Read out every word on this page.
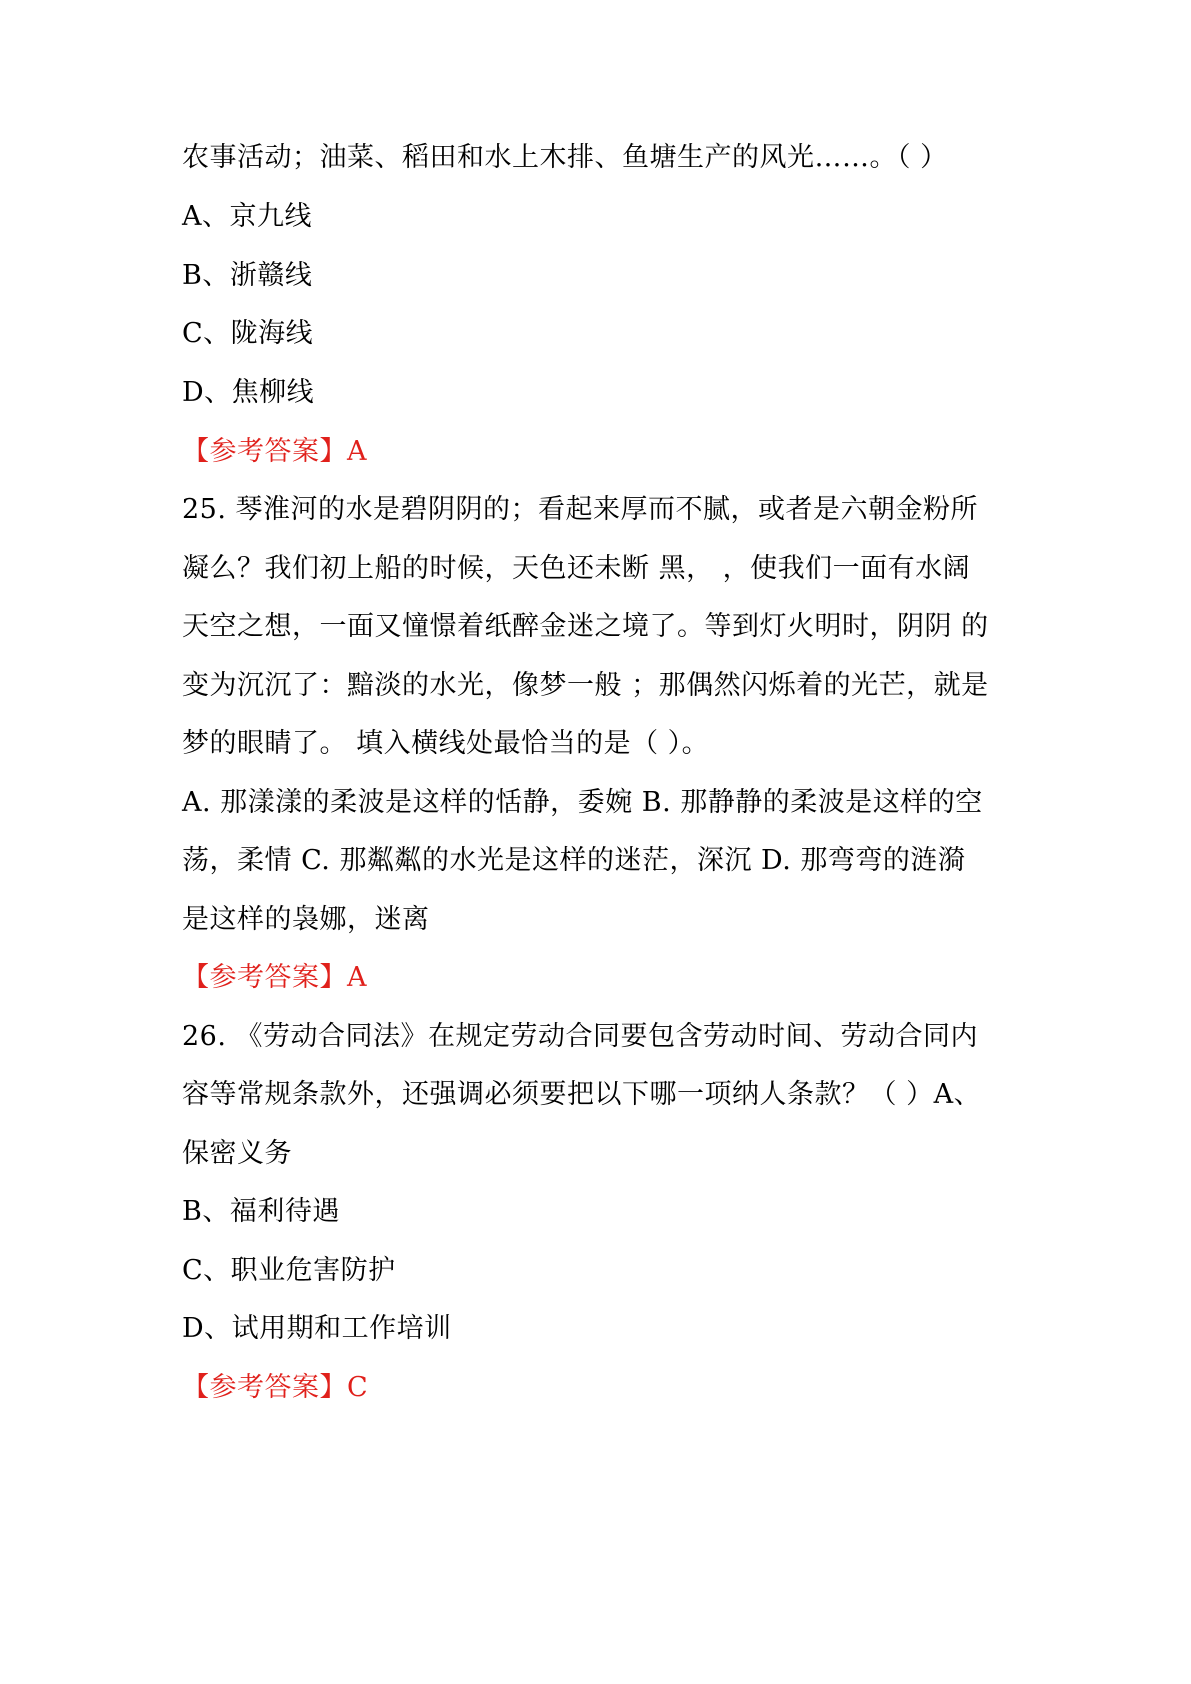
农事活动；油菜、稻田和水上木排、鱼塘生产的风光……。（ ）
A、京九线
B、浙赣线
C、陇海线
D、焦柳线
【参考答案】A
25. 琴淮河的水是碧阴阴的；看起来厚而不腻，或者是六朝金粉所
凝么？我们初上船的时候，天色还未断 黑， ，使我们一面有水阔
天空之想，一面又憧憬着纸醉金迷之境了。等到灯火明时，阴阴 的
变为沉沉了：黯淡的水光，像梦一般 ；那偶然闪烁着的光芒，就是
梦的眼睛了。 填入横线处最恰当的是（ ）。
A. 那漾漾的柔波是这样的恬静，委婉 B. 那静静的柔波是这样的空
荡，柔情 C. 那粼粼的水光是这样的迷茫，深沉 D. 那弯弯的涟漪
是这样的袅娜，迷离
【参考答案】A
26. 《劳动合同法》在规定劳动合同要包含劳动时间、劳动合同内
容等常规条款外，还强调必须要把以下哪一项纳人条款？（ ）A、
保密义务
B、福利待遇
C、职业危害防护
D、试用期和工作培训
【参考答案】C
